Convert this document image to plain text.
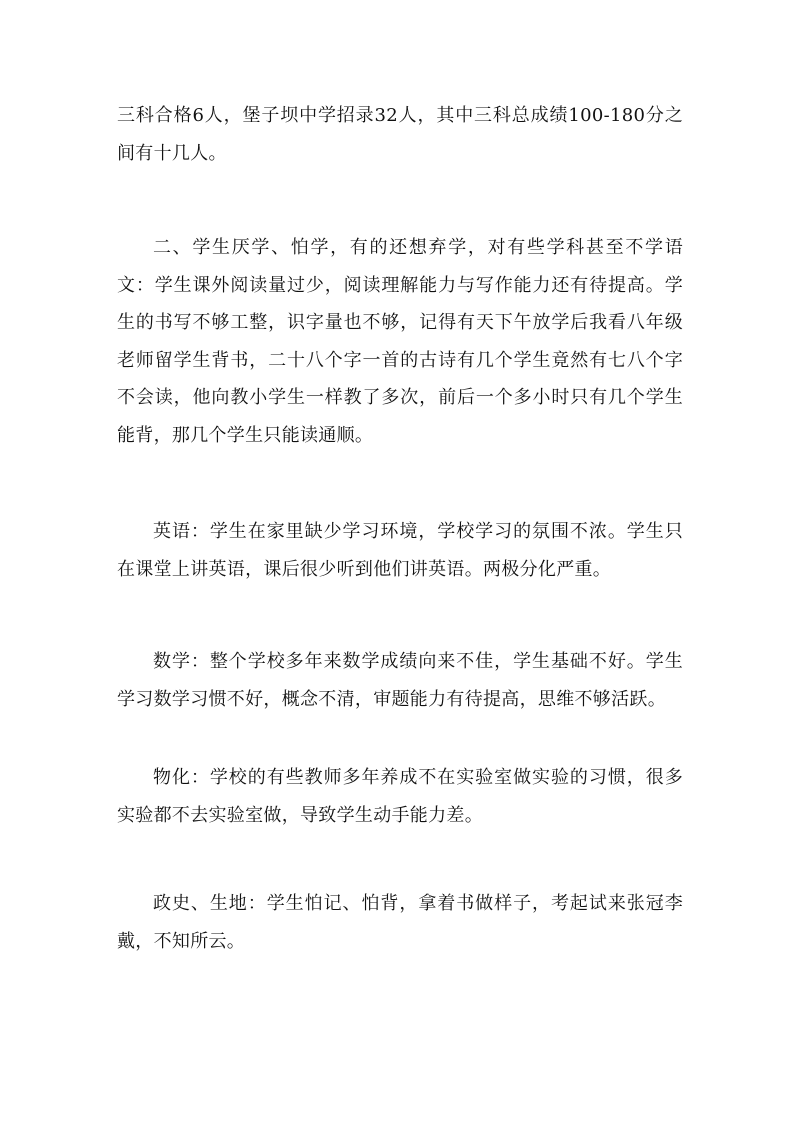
三科合格6人，堡子坝中学招录32人，其中三科总成绩100-180分之间有十几人。

二、学生厌学、怕学，有的还想弃学，对有些学科甚至不学语文：学生课外阅读量过少，阅读理解能力与写作能力还有待提高。学生的书写不够工整，识字量也不够，记得有天下午放学后我看八年级老师留学生背书，二十八个字一首的古诗有几个学生竟然有七八个字不会读，他向教小学生一样教了多次，前后一个多小时只有几个学生能背，那几个学生只能读通顺。

英语：学生在家里缺少学习环境，学校学习的氛围不浓。学生只在课堂上讲英语，课后很少听到他们讲英语。两极分化严重。

数学：整个学校多年来数学成绩向来不佳，学生基础不好。学生学习数学习惯不好，概念不清，审题能力有待提高，思维不够活跃。

物化：学校的有些教师多年养成不在实验室做实验的习惯，很多实验都不去实验室做，导致学生动手能力差。

政史、生地：学生怕记、怕背，拿着书做样子，考起试来张冠李戴，不知所云。
